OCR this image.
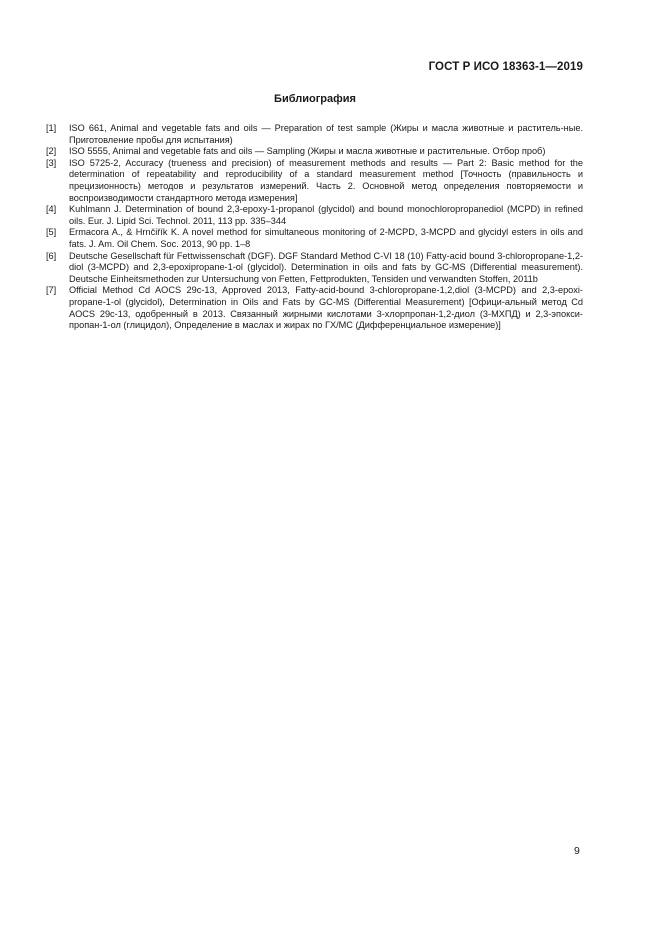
ГОСТ Р ИСО 18363-1—2019
Библиография
[1]	ISO 661, Animal and vegetable fats and oils — Preparation of test sample (Жиры и масла животные и раститель-ные. Приготовление пробы для испытания)
[2]	ISO 5555, Animal and vegetable fats and oils — Sampling (Жиры и масла животные и растительные. Отбор проб)
[3]	ISO 5725-2, Accuracy (trueness and precision) of measurement methods and results — Part 2: Basic method for the determination of repeatability and reproducibility of a standard measurement method [Точность (правильность и прецизионность) методов и результатов измерений. Часть 2. Основной метод определения повторяемости и воспроизводимости стандартного метода измерения]
[4]	Kuhlmann J. Determination of bound 2,3-epoxy-1-propanol (glycidol) and bound monochloropropanediol (MCPD) in refined oils. Eur. J. Lipid Sci. Technol. 2011, 113 pp. 335–344
[5]	Ermacora A., & Hrnčiřík K. A novel method for simultaneous monitoring of 2-MCPD, 3-MCPD and glycidyl esters in oils and fats. J. Am. Oil Chem. Soc. 2013, 90 pp. 1–8
[6]	Deutsche Gesellschaft für Fettwissenschaft (DGF). DGF Standard Method C-VI 18 (10) Fatty-acid bound 3-chloropropane-1,2-diol (3-MCPD) and 2,3-epoxipropane-1-ol (glycidol). Determination in oils and fats by GC-MS (Differential measurement). Deutsche Einheitsmethoden zur Untersuchung von Fetten, Fettprodukten, Tensiden und verwandten Stoffen, 2011b
[7]	Official Method Cd AOCS 29c-13, Approved 2013, Fatty-acid-bound 3-chloropropane-1,2,diol (3-MCPD) and 2,3-epoxi-propane-1-ol (glycidol), Determination in Oils and Fats by GC-MS (Differential Measurement) [Офици-альный метод Cd AOCS 29c-13, одобренный в 2013. Связанный жирными кислотами 3-хлорпропан-1,2-диол (3-МХПД) и 2,3-эпокси-пропан-1-ол (глицидол), Определение в маслах и жирах по ГХ/МС (Дифференциальное измерение)]
9
